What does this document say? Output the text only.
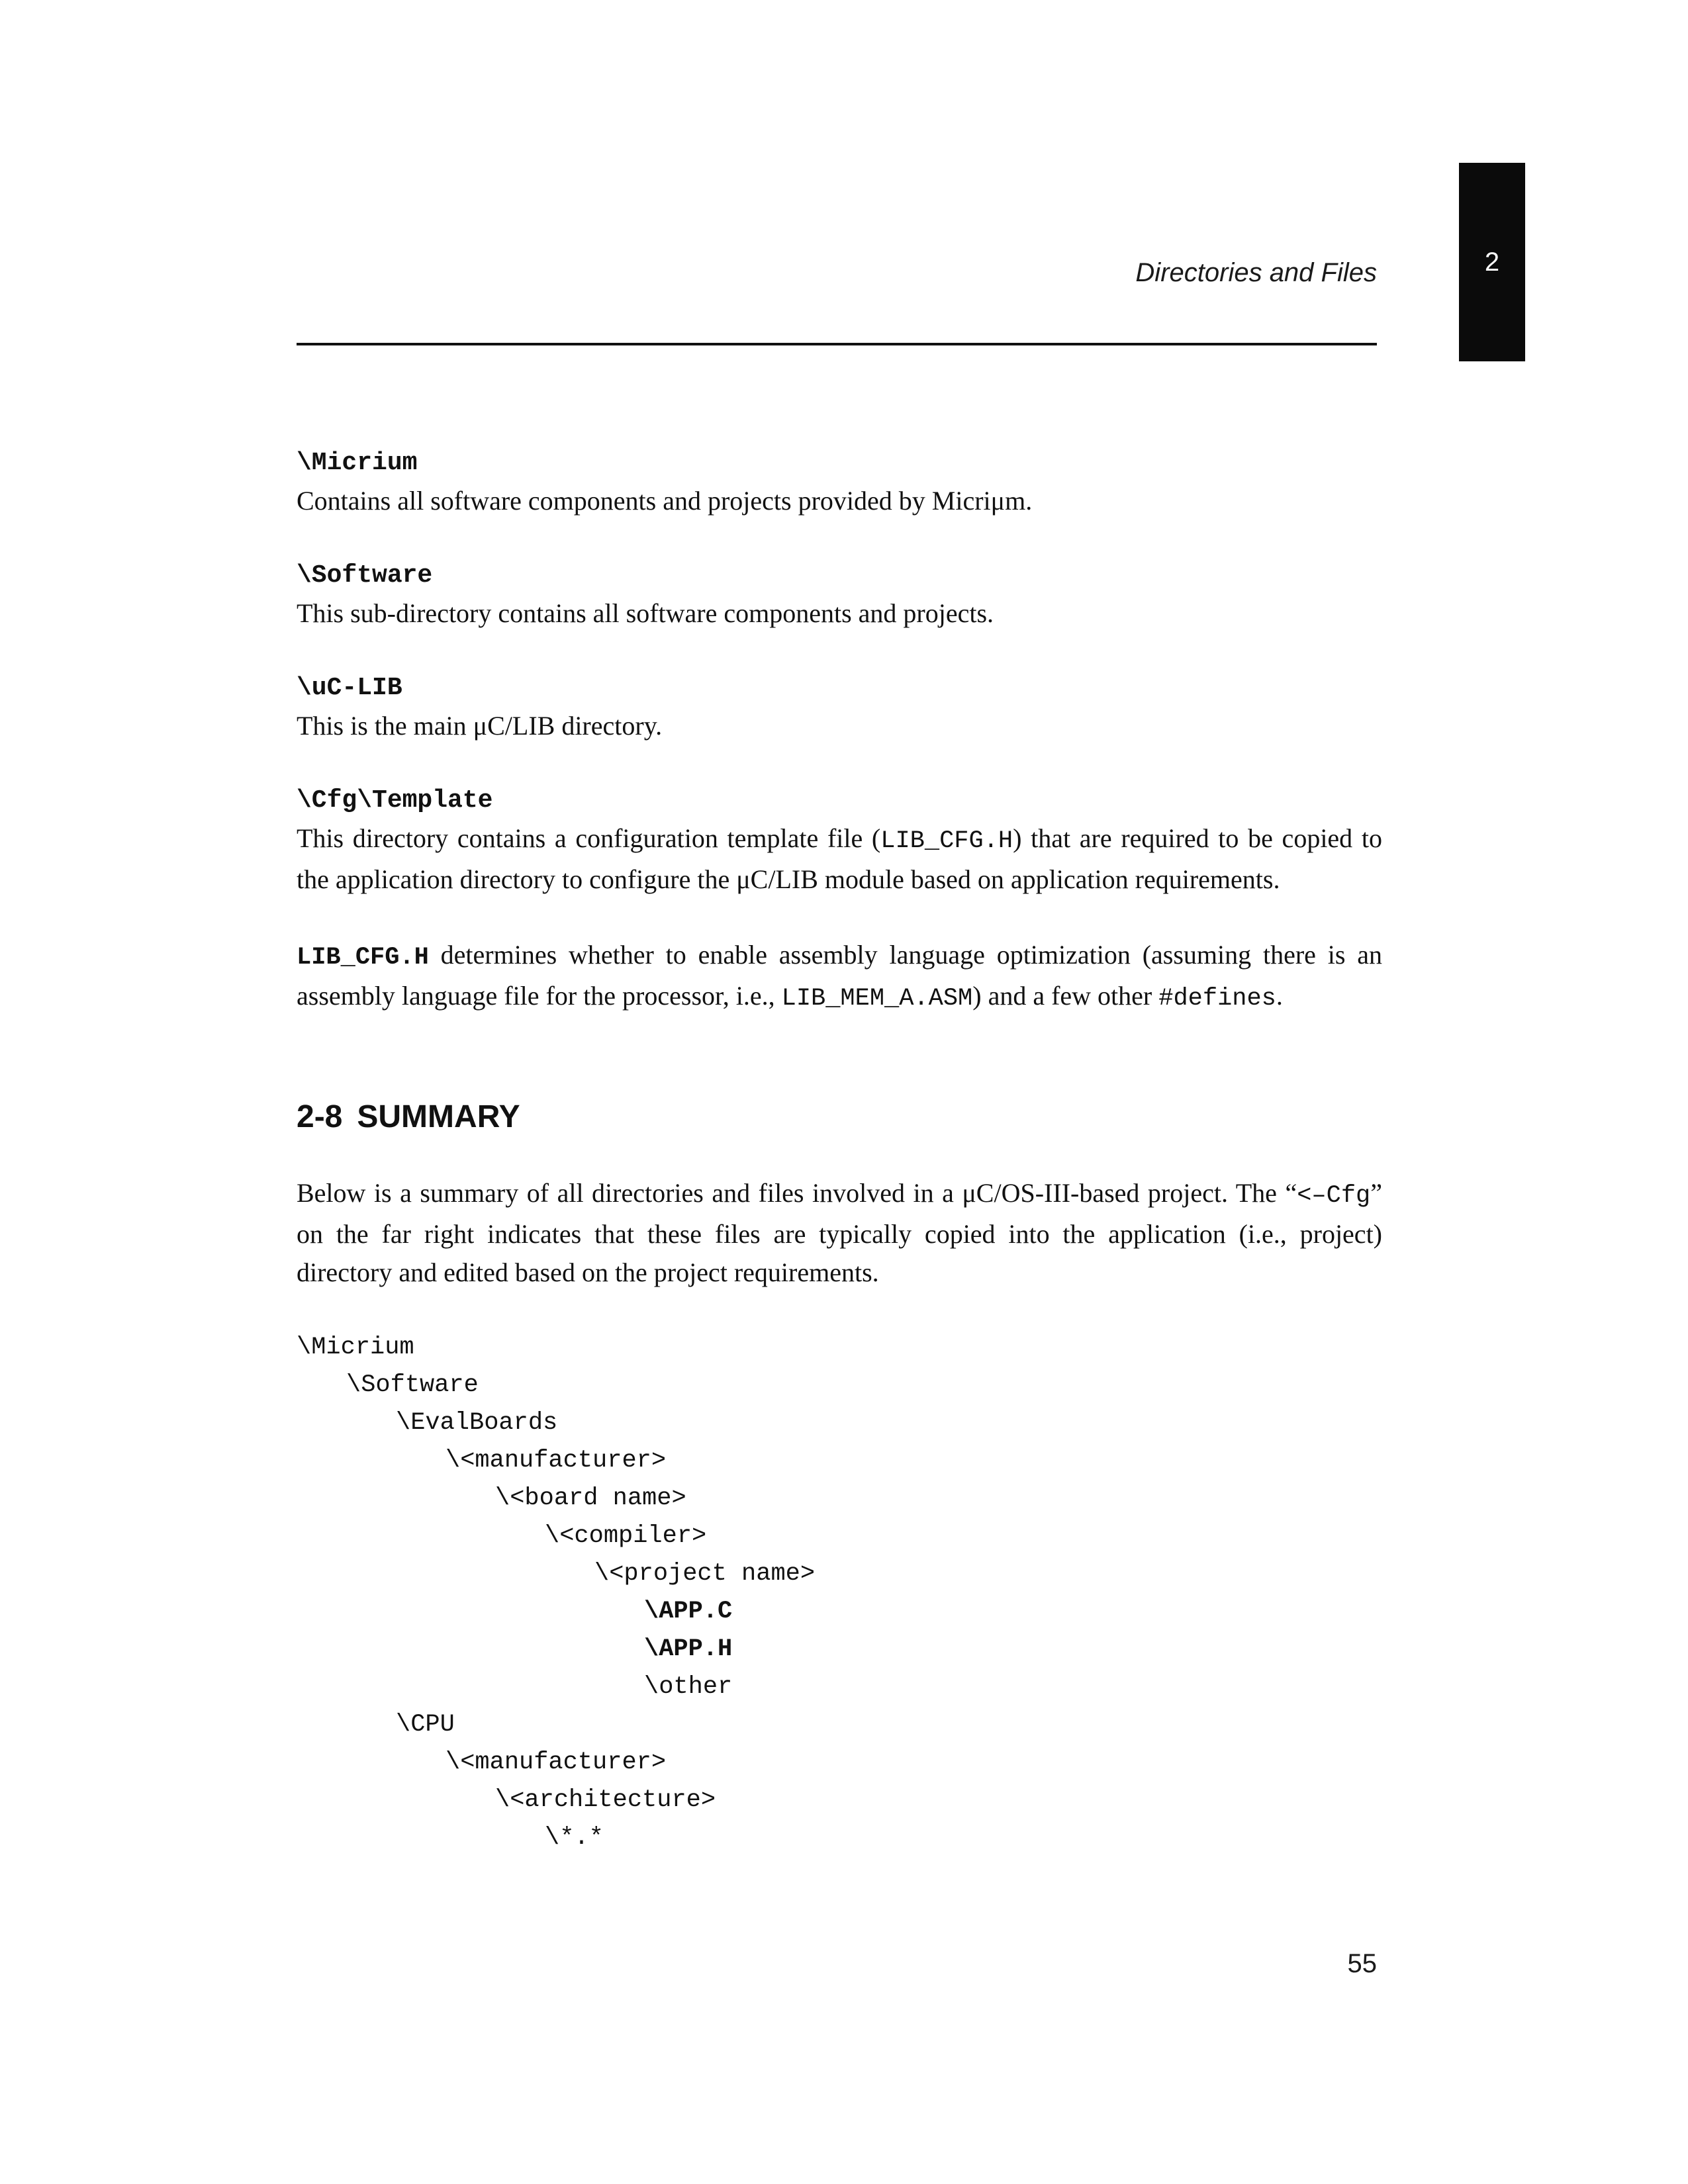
Directories and Files	2
\Micrium

Contains all software components and projects provided by Micriμm.

\Software

This sub-directory contains all software components and projects.

\uC-LIB

This is the main μC/LIB directory.

\Cfg\Template

This directory contains a configuration template file (LIB_CFG.H) that are required to be copied to the application directory to configure the μC/LIB module based on application requirements.

LIB_CFG.H determines whether to enable assembly language optimization (assuming there is an assembly language file for the processor, i.e., LIB_MEM_A.ASM) and a few other #defines.

2-8 SUMMARY

Below is a summary of all directories and files involved in a μC/OS-III-based project. The “<–Cfg” on the far right indicates that these files are typically copied into the application (i.e., project) directory and edited based on the project requirements.

\Micrium
\Software
\EvalBoards
\<manufacturer>
\<board name>
\<compiler>
\<project name>
\APP.C
\APP.H
\other
\CPU
\<manufacturer>
\<architecture>
\*.*
55
